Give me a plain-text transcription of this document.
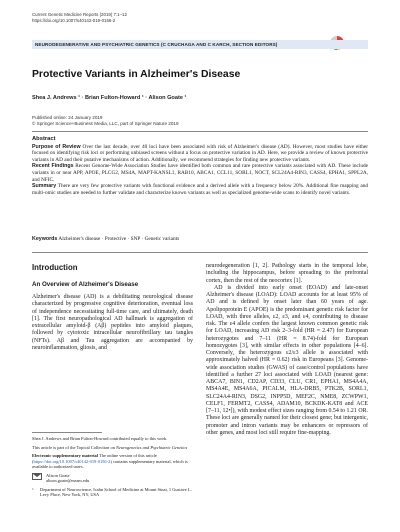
Current Genetic Medicine Reports (2019) 7:1–12
https://doi.org/10.1007/s40142-019-0156-2
NEURODEGENERATIVE AND PSYCHIATRIC GENETICS (C CRUCHAGA AND C KARCH, SECTION EDITORS)
Protective Variants in Alzheimer's Disease
Shea J. Andrews ¹ · Brian Fulton-Howard ¹ · Alison Goate ¹
Published online: 24 January 2019
© Springer Science+Business Media, LLC, part of Springer Nature 2019
Abstract

Purpose of Review Over the last decade, over 40 loci have been associated with risk of Alzheimer's disease (AD). However, most studies have either focused on identifying risk loci or performing unbiased screens without a focus on protective variation in AD. Here, we provide a review of known protective variants in AD and their putative mechanisms of action. Additionally, we recommend strategies for finding new protective variants.

Recent Findings Recent Genome-Wide Association Studies have identified both common and rare protective variants associated with AD. These include variants in or near APP, APOE, PLCG2, MS4A, MAPT-KANSL1, RAB10, ABCA1, CCL11, SORL1, NOCT, SCL24A4-RIN3, CASS4, EPHA1, SPPL2A, and NFIC.

Summary There are very few protective variants with functional evidence and a derived allele with a frequency below 20%. Additional fine mapping and multi-omic studies are needed to further validate and characterize known variants as well as specialized genome-wide scans to identify novel variants.

Keywords Alzheimer's disease · Protective · SNP · Genetic variants
Introduction
An Overview of Alzheimer's Disease

Alzheimer's disease (AD) is a debilitating neurological disease characterized by progressive cognitive deterioration, eventual loss of independence necessitating full-time care, and ultimately, death [1]. The first neuropathological AD hallmark is aggregation of extracellular amyloid-β (Aβ) peptides into amyloid plaques, followed by cytotoxic intracellular neurofibrillary tau tangles (NFTs). Aβ and Tau aggregation are accompanied by neuroinflammation, gliosis, and

neurodegeneration [1, 2]. Pathology starts in the temporal lobe, including the hippocampus, before spreading to the prefrontal cortex, then the rest of the neocortex [1].

AD is divided into early onset (EOAD) and late-onset Alzheimer's disease (LOAD): LOAD accounts for at least 95% of AD and is defined by onset later than 60 years of age. Apolipoprotein E (APOE) is the predominant genetic risk factor for LOAD, with three alleles, ε2, ε3, and ε4, contributing to disease risk. The ε4 allele confers the largest known common genetic risk for LOAD, increasing AD risk 2–3-fold (HR = 2.47) for European heterozygotes and 7–11 (HR = 8.74)-fold for European homozygotes [3], with similar effects in other populations [4–6]. Conversely, the heterozygous ε2/ε3 allele is associated with approximately halved (HR = 0.62) risk in Europeans [3]. Genome-wide association studies (GWAS) of case/control populations have identified a further 27 loci associated with LOAD (nearest gene: ABCA7, BIN1, CD2AP, CD33, CLU, CR1, EPHA1, MS4A4A, MS4A4E, MS4A6A, PICALM, HLA-DRB5, PTK2B, SORL1, SLC24A4-RIN3, DSG2, INPP5D, MEF2C, NME8, ZCWPW1, CELF1, FERMT2, CASS4, ADAM10, BCKDK-KAT8 and ACE [7–11, 12•]), with modest effect sizes ranging from 0.54 to 1.21 OR. These loci are generally named for their closest gene; but intergenic, promoter and intron variants may be enhancers or repressors of other genes, and most loci still require fine-mapping.

Shea J. Andrews and Brian Fulton-Howard contributed equally to this work.

This article is part of the Topical Collection on Neurogenetics and Psychiatric Genetics

Electronic supplementary material The online version of this article (https://doi.org/10.1007/s40142-019-0156-2) contains supplementary material, which is available to authorized users.

Alison Goate
alison.goate@mssm.edu
1	Department of Neuroscience, Icahn School of Medicine at Mount Sinai, 1 Gustave L. Levy Place, New York, NY, USA
